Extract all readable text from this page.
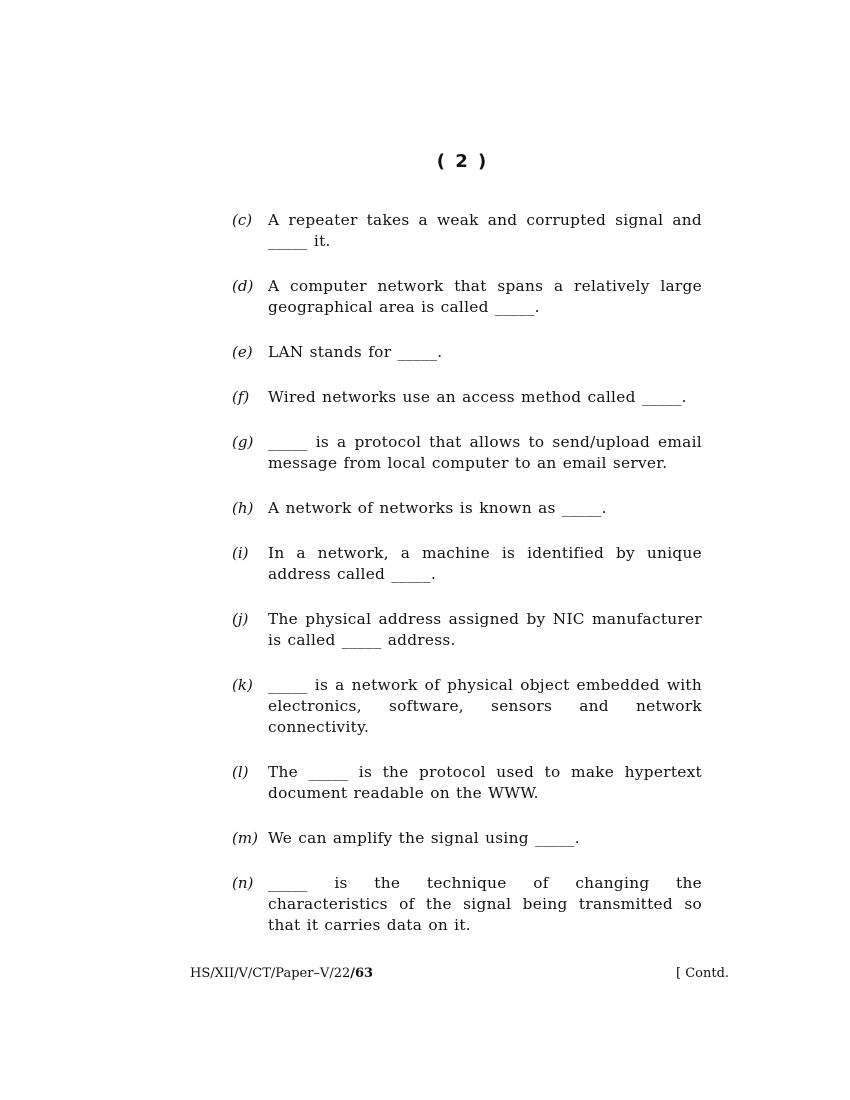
( 2 )
(c)	A repeater takes a weak and corrupted signal and _____ it.
(d) A computer network that spans a relatively large geographical area is called _____.
(e)	LAN stands for _____.
(f)	Wired networks use an access method called _____.
(g) _____ is a protocol that allows to send/upload email message from local computer to an email server.
(h) A network of networks is known as _____.
(i)	In a network, a machine is identified by unique address called _____.
(j)	The physical address assigned by NIC manufacturer is called _____ address.
(k) _____ is a network of physical object embedded with electronics, software, sensors and network connectivity.
(l)	The _____ is the protocol used to make hypertext document readable on the WWW.
(m) We can amplify the signal using _____.
(n) _____ is the technique of changing the characteristics of the signal being transmitted so that it carries data on it.
HS/XII/V/CT/Paper–V/22/63	[ Contd.
